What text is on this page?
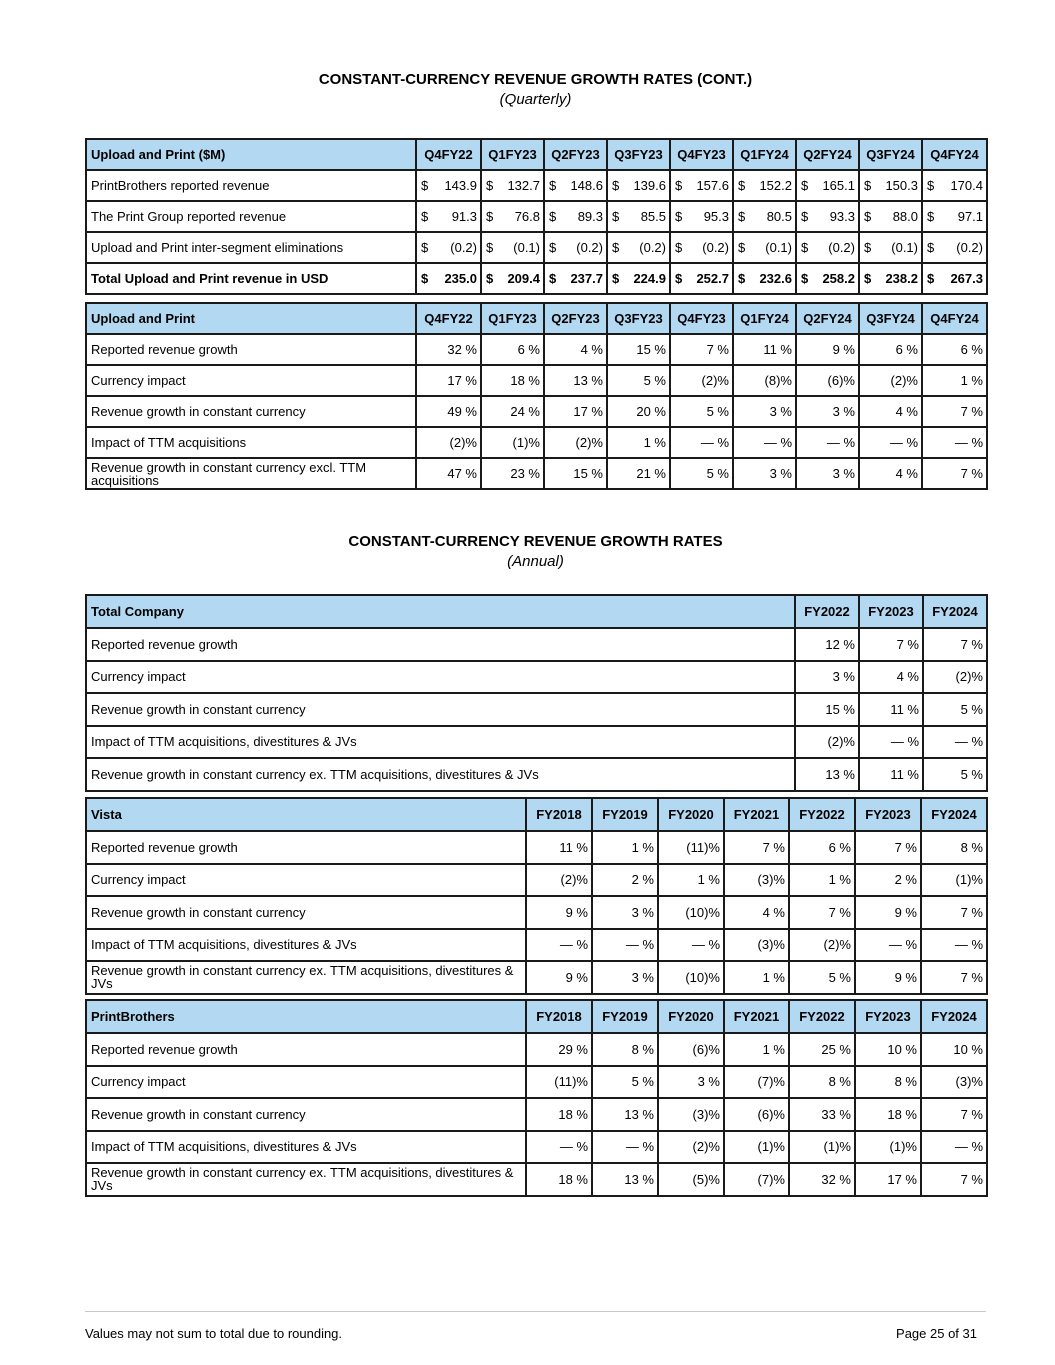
CONSTANT-CURRENCY REVENUE GROWTH RATES (CONT.)
(Quarterly)
Upload and Print ($M)	Q4FY22	Q1FY23	Q2FY23	Q3FY23	Q4FY23	Q1FY24	Q2FY24	Q3FY24	Q4FY24
PrintBrothers reported revenue	$ 143.9	$ 132.7	$ 148.6	$ 139.6	$ 157.6	$ 152.2	$ 165.1	$ 150.3	$ 170.4
The Print Group reported revenue	$ 91.3	$ 76.8	$ 89.3	$ 85.5	$ 95.3	$ 80.5	$ 93.3	$ 88.0	$ 97.1
Upload and Print inter-segment eliminations	$ (0.2)	$ (0.1)	$ (0.2)	$ (0.2)	$ (0.2)	$ (0.1)	$ (0.2)	$ (0.1)	$ (0.2)
Total Upload and Print revenue in USD	$ 235.0	$ 209.4	$ 237.7	$ 224.9	$ 252.7	$ 232.6	$ 258.2	$ 238.2	$ 267.3
Upload and Print	Q4FY22	Q1FY23	Q2FY23	Q3FY23	Q4FY23	Q1FY24	Q2FY24	Q3FY24	Q4FY24
Reported revenue growth	32 %	6 %	4 %	15 %	7 %	11 %	9 %	6 %	6 %
Currency impact	17 %	18 %	13 %	5 %	(2)%	(8)%	(6)%	(2)%	1 %
Revenue growth in constant currency	49 %	24 %	17 %	20 %	5 %	3 %	3 %	4 %	7 %
Impact of TTM acquisitions	(2)%	(1)%	(2)%	1 %	— %	— %	— %	— %	— %
Revenue growth in constant currency excl. TTM acquisitions	47 %	23 %	15 %	21 %	5 %	3 %	3 %	4 %	7 %
CONSTANT-CURRENCY REVENUE GROWTH RATES
(Annual)
Total Company	FY2022	FY2023	FY2024
Reported revenue growth	12 %	7 %	7 %
Currency impact	3 %	4 %	(2)%
Revenue growth in constant currency	15 %	11 %	5 %
Impact of TTM acquisitions, divestitures & JVs	(2)%	— %	— %
Revenue growth in constant currency ex. TTM acquisitions, divestitures & JVs	13 %	11 %	5 %
Vista	FY2018	FY2019	FY2020	FY2021	FY2022	FY2023	FY2024
Reported revenue growth	11 %	1 %	(11)%	7 %	6 %	7 %	8 %
Currency impact	(2)%	2 %	1 %	(3)%	1 %	2 %	(1)%
Revenue growth in constant currency	9 %	3 %	(10)%	4 %	7 %	9 %	7 %
Impact of TTM acquisitions, divestitures & JVs	— %	— %	— %	(3)%	(2)%	— %	— %
Revenue growth in constant currency ex. TTM acquisitions, divestitures & JVs	9 %	3 %	(10)%	1 %	5 %	9 %	7 %
PrintBrothers	FY2018	FY2019	FY2020	FY2021	FY2022	FY2023	FY2024
Reported revenue growth	29 %	8 %	(6)%	1 %	25 %	10 %	10 %
Currency impact	(11)%	5 %	3 %	(7)%	8 %	8 %	(3)%
Revenue growth in constant currency	18 %	13 %	(3)%	(6)%	33 %	18 %	7 %
Impact of TTM acquisitions, divestitures & JVs	— %	— %	(2)%	(1)%	(1)%	(1)%	— %
Revenue growth in constant currency ex. TTM acquisitions, divestitures & JVs	18 %	13 %	(5)%	(7)%	32 %	17 %	7 %
Values may not sum to total due to rounding.	Page 25 of 31
